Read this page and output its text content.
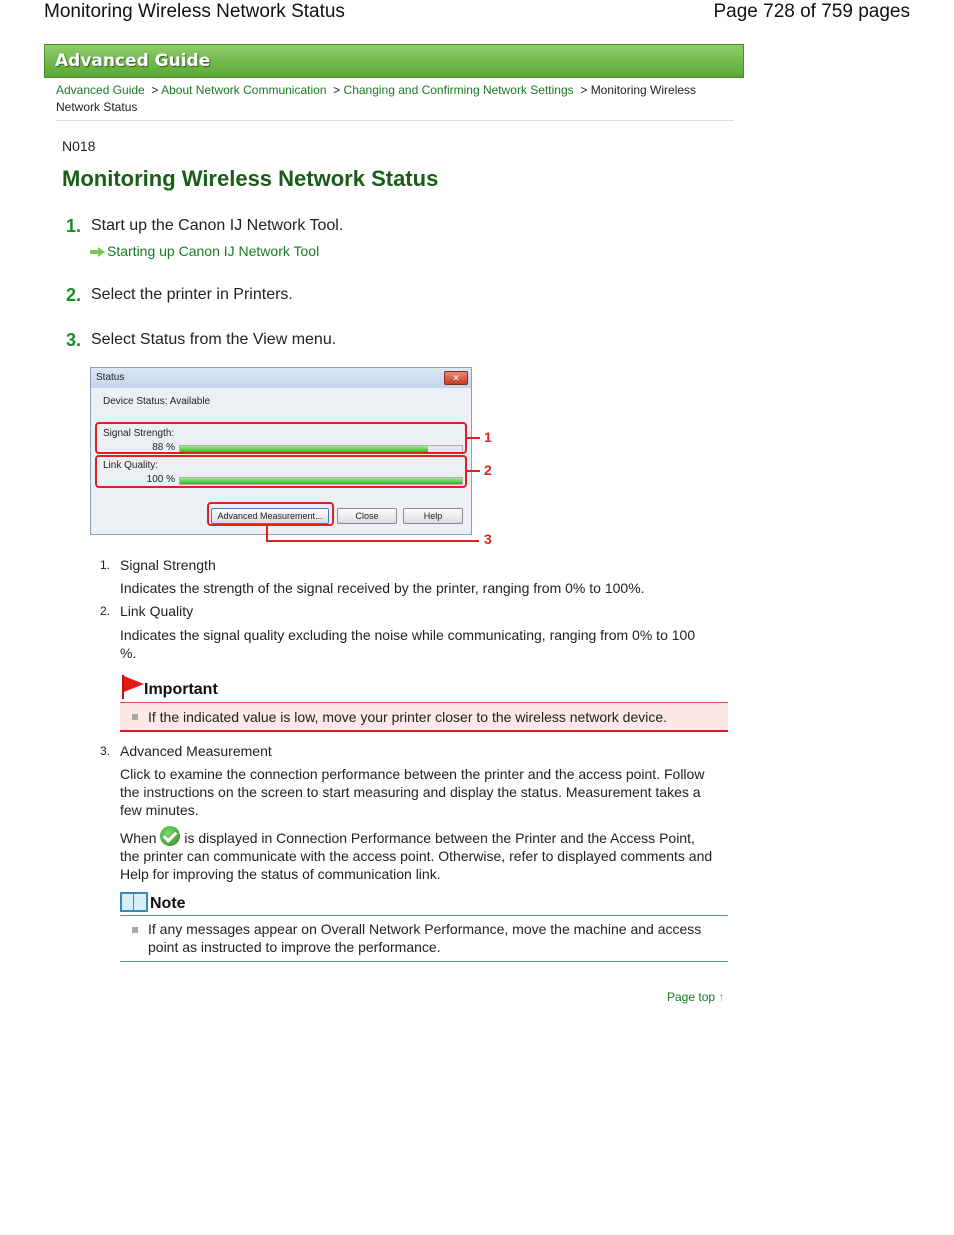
Monitoring Wireless Network Status	Page 728 of 759 pages
Advanced Guide
Advanced Guide > About Network Communication > Changing and Confirming Network Settings > Monitoring Wireless Network Status
N018
Monitoring Wireless Network Status
1. Start up the Canon IJ Network Tool.
Starting up Canon IJ Network Tool
2. Select the printer in Printers.
3. Select Status from the View menu.
Status	✕
Device Status: Available
Signal Strength:
88 %
Link Quality:
100 %
Advanced Measurement...	Close	Help
1
2
3
1. Signal Strength
Indicates the strength of the signal received by the printer, ranging from 0% to 100%.
2. Link Quality
Indicates the signal quality excluding the noise while communicating, ranging from 0% to 100 %.
Important
If the indicated value is low, move your printer closer to the wireless network device.
3. Advanced Measurement
Click to examine the connection performance between the printer and the access point. Follow the instructions on the screen to start measuring and display the status. Measurement takes a few minutes.
When is displayed in Connection Performance between the Printer and the Access Point, the printer can communicate with the access point. Otherwise, refer to displayed comments and Help for improving the status of communication link.
Note
If any messages appear on Overall Network Performance, move the machine and access point as instructed to improve the performance.
Page top ↑
